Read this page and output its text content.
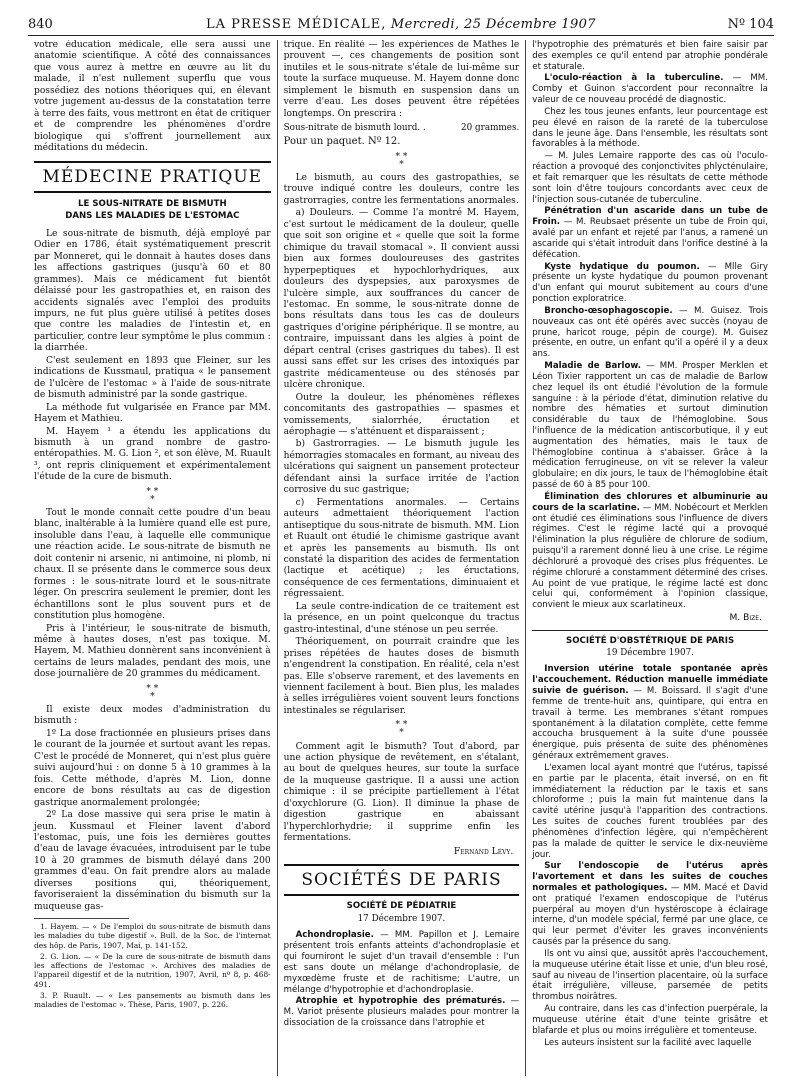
840	LA PRESSE MÉDICALE, Mercredi, 25 Décembre 1907	Nº 104

votre éducation médicale, elle sera aussi une anatomie scientifique. A côté des connaissances que vous aurez à mettre en œuvre au lit du malade, il n'est nullement superflu que vous possédiez des notions théoriques qui, en élevant votre jugement au-dessus de la constatation terre à terre des faits, vous mettront en état de critiquer et de comprendre les phénomènes d'ordre biologique qui s'offrent journellement aux méditations du médecin.

MÉDECINE PRATIQUE
LE SOUS-NITRATE DE BISMUTH
DANS LES MALADIES DE L'ESTOMAC

Le sous-nitrate de bismuth, déjà employé par Odier en 1786, était systématiquement prescrit par Monneret, qui le donnait à hautes doses dans les affections gastriques (jusqu'à 60 et 80 grammes). Mais ce médicament fut bientôt délaissé pour les gastropathies et, en raison des accidents signalés avec l'emploi des produits impurs, ne fut plus guère utilisé à petites doses que contre les maladies de l'intestin et, en particulier, contre leur symptôme le plus commun : la diarrhée.

C'est seulement en 1893 que Fleiner, sur les indications de Kussmaul, pratiqua « le pansement de l'ulcère de l'estomac » à l'aide de sous-nitrate de bismuth administré par la sonde gastrique.

La méthode fut vulgarisée en France par MM. Hayem et Mathieu.

M. Hayem ¹ a étendu les applications du bismuth à un grand nombre de gastro-entéropathies. M. G. Lion ², et son élève, M. Ruault ³, ont repris cliniquement et expérimentalement l'étude de la cure de bismuth.

* *
*

Tout le monde connaît cette poudre d'un beau blanc, inaltérable à la lumière quand elle est pure, insoluble dans l'eau, à laquelle elle communique une réaction acide. Le sous-nitrate de bismuth ne doit contenir ni arsenic, ni antimoine, ni plomb, ni chaux. Il se présente dans le commerce sous deux formes : le sous-nitrate lourd et le sous-nitrate léger. On prescrira seulement le premier, dont les échantillons sont le plus souvent purs et de constitution plus homogène.

Pris à l'intérieur, le sous-nitrate de bismuth, même à hautes doses, n'est pas toxique. M. Hayem, M. Mathieu donnèrent sans inconvénient à certains de leurs malades, pendant des mois, une dose journalière de 20 grammes du médicament.

* *
*

Il existe deux modes d'administration du bismuth :

1º La dose fractionnée en plusieurs prises dans le courant de la journée et surtout avant les repas. C'est le procédé de Monneret, qui n'est plus guère suivi aujourd'hui : on donne 5 à 10 grammes à la fois. Cette méthode, d'après M. Lion, donne encore de bons résultats au cas de digestion gastrique anormalement prolongée;

2º La dose massive qui sera prise le matin à jeun. Kussmaul et Fleiner lavent d'abord l'estomac, puis, une fois les dernières gouttes d'eau de lavage évacuées, introduisent par le tube 10 à 20 grammes de bismuth délayé dans 200 grammes d'eau. On fait prendre alors au malade diverses positions qui, théoriquement, favoriseraient la dissémination du bismuth sur la muqueuse gas-

1. Hayem. — « De l'emploi du sous-nitrate de bismuth dans les maladies du tube digestif ». Bull. de la Soc. de l'internat des hôp. de Paris, 1907, Mai, p. 141-152.

2. G. Lion. — « De la cure de sous-nitrate de bismuth dans les affections de l'estomac ». Archives des maladies de l'appareil digestif et de la nutrition, 1907, Avril, nº 8, p. 468-491.

3. P. Ruault. — « Les pansements au bismuth dans les maladies de l'estomac ». Thèse, Paris, 1907, p. 226.

trique. En réalité — les expériences de Mathes le prouvent —, ces changements de position sont inutiles et le sous-nitrate s'étale de lui-même sur toute la surface muqueuse. M. Hayem donne donc simplement le bismuth en suspension dans un verre d'eau. Les doses peuvent être répétées longtemps. On prescrira :

Sous-nitrate de bismuth lourd. .	20 grammes.
Pour un paquet. Nº 12.
* *
*

Le bismuth, au cours des gastropathies, se trouve indiqué contre les douleurs, contre les gastrorragies, contre les fermentations anormales.

a) Douleurs. — Comme l'a montré M. Hayem, c'est surtout le médicament de la douleur, quelle que soit son origine et « quelle que soit la forme chimique du travail stomacal ». Il convient aussi bien aux formes douloureuses des gastrites hyperpeptiques et hypochlorhydriques, aux douleurs des dyspepsies, aux paroxysmes de l'ulcère simple, aux souffrances du cancer de l'estomac. En somme, le sous-nitrate donne de bons résultats dans tous les cas de douleurs gastriques d'origine périphérique. Il se montre, au contraire, impuissant dans les algies à point de départ central (crises gastriques du tabes). Il est aussi sans effet sur les crises des intoxiqués par gastrite médicamenteuse ou des sténosés par ulcère chronique.

Outre la douleur, les phénomènes réflexes concomitants des gastropathies — spasmes et vomissements, sialorrhée, éructation et aérophagie — s'atténuent et disparaissent ;

b) Gastrorragies. — Le bismuth jugule les hémorragies stomacales en formant, au niveau des ulcérations qui saignent un pansement protecteur défendant ainsi la surface irritée de l'action corrosive du suc gastrique;

c) Fermentations anormales. — Certains auteurs admettaient théoriquement l'action antiseptique du sous-nitrate de bismuth. MM. Lion et Ruault ont étudié le chimisme gastrique avant et après les pansements au bismuth. Ils ont constaté la disparition des acides de fermentation (lactique et acétique) ; les éructations, conséquence de ces fermentations, diminuaient et régressaient.

La seule contre-indication de ce traitement est la présence, en un point quelconque du tractus gastro-intestinal, d'une sténose un peu serrée.

Théoriquement, on pourrait craindre que les prises répétées de hautes doses de bismuth n'engendrent la constipation. En réalité, cela n'est pas. Elle s'observe rarement, et des lavements en viennent facilement à bout. Bien plus, les malades à selles irrégulières voient souvent leurs fonctions intestinales se régulariser.

* *
*

Comment agit le bismuth? Tout d'abord, par une action physique de revêtement, en s'étalant, au bout de quelques heures, sur toute la surface de la muqueuse gastrique. Il a aussi une action chimique : il se précipite partiellement à l'état d'oxychlorure (G. Lion). Il diminue la phase de digestion gastrique en abaissant l'hyperchlorhydrie; il supprime enfin les fermentations.

Fernand Lévy.
SOCIÉTÉS DE PARIS
SOCIÉTÉ DE PÉDIATRIE
17 Décembre 1907.

Achondroplasie. — MM. Papillon et J. Lemaire présentent trois enfants atteints d'achondroplasie et qui fourniront le sujet d'un travail d'ensemble : l'un est sans doute un mélange d'achondroplasie, de myxœdème fruste et de rachitisme; L'autre, un mélange d'hypotrophie et d'achondroplasie.

Atrophie et hypotrophie des prématurés. — M. Variot présente plusieurs malades pour montrer la dissociation de la croissance dans l'atrophie et

l'hypotrophie des prématurés et bien faire saisir par des exemples ce qu'il entend par atrophie pondérale et staturale.

L'oculo-réaction à la tuberculine. — MM. Comby et Guinon s'accordent pour reconnaître la valeur de ce nouveau procédé de diagnostic.

Chez les tous jeunes enfants, leur pourcentage est peu élevé en raison de la rareté de la tuberculose dans le jeune âge. Dans l'ensemble, les résultats sont favorables à la méthode.

— M. Jules Lemaire rapporte des cas où l'oculo-réaction a provoqué des conjonctivites phlycténulaire, et fait remarquer que les résultats de cette méthode sont loin d'être toujours concordants avec ceux de l'injection sous-cutanée de tuberculine.

Pénétration d'un ascaride dans un tube de Froin. — M. Reubsaet présente un tube de Froin qui, avalé par un enfant et rejeté par l'anus, a ramené un ascaride qui s'était introduit dans l'orifice destiné à la défécation.

Kyste hydatique du poumon. — Mlle Giry présente un kyste hydatique du poumon provenant d'un enfant qui mourut subitement au cours d'une ponction exploratrice.

Broncho-œsophagoscopie. — M. Guisez. Trois nouveaux cas ont été opérés avec succès (noyau de prune, haricot rouge, pépin de courge). M. Guisez présente, en outre, un enfant qu'il a opéré il y a deux ans.

Maladie de Barlow. — MM. Prosper Merklen et Léon Tixier rapportent un cas de maladie de Barlow chez lequel ils ont étudié l'évolution de la formule sanguine : à la période d'état, diminution relative du nombre des hématies et surtout diminution considérable du taux de l'hémoglobine. Sous l'influence de la médication antiscorbutique, il y eut augmentation des hématies, mais le taux de l'hémoglobine continua à s'abaisser. Grâce à la médication ferrugineuse, on vit se relever la valeur globulaire; en dix jours, le taux de l'hémoglobine était passé de 60 à 85 pour 100.

Élimination des chlorures et albuminurie au cours de la scarlatine. — MM. Nobécourt et Merklen ont étudié ces éliminations sous l'influence de divers régimes. C'est le régime lacté qui a provoqué l'élimination la plus régulière de chlorure de sodium, puisqu'il a rarement donné lieu à une crise. Le régime déchloruré a provoqué des crises plus fréquentes. Le régime chloruré a constamment déterminé des crises. Au point de vue pratique, le régime lacté est donc celui qui, conformément à l'opinion classique, convient le mieux aux scarlatineux.

M. Bize.
SOCIÉTÉ D'OBSTÉTRIQUE DE PARIS
19 Décembre 1907.

Inversion utérine totale spontanée après l'accouchement. Réduction manuelle immédiate suivie de guérison. — M. Boissard. Il s'agit d'une femme de trente-huit ans, quintipare, qui entra en travail à terme. Les membranes s'étant rompues spontanément à la dilatation complète, cette femme accoucha brusquement à la suite d'une poussée énergique, puis présenta de suite des phénomènes généraux extrêmement graves.

L'examen local ayant montré que l'utérus, tapissé en partie par le placenta, était inversé, on en fit immédiatement la réduction par le taxis et sans chloroforme ; puis la main fut maintenue dans la cavité utérine jusqu'à l'apparition des contractions. Les suites de couches furent troublées par des phénomènes d'infection légère, qui n'empêchèrent pas la malade de quitter le service le dix-neuvième jour.

Sur l'endoscopie de l'utérus après l'avortement et dans les suites de couches normales et pathologiques. — MM. Macé et David ont pratiqué l'examen endoscopique de l'utérus puerpéral au moyen d'un hystéroscope à éclairage interne, d'un modèle spécial, fermé par une glace, ce qui leur permet d'éviter les graves inconvénients causés par la présence du sang.

Ils ont vu ainsi que, aussitôt après l'accouchement, la muqueuse utérine était lisse et unie, d'un bleu rosé, sauf au niveau de l'insertion placentaire, où la surface était irrégulière, villeuse, parsemée de petits thrombus noirâtres.

Au contraire, dans les cas d'infection puerpérale, la muqueuse utérine était d'une teinte grisâtre et blafarde et plus ou moins irrégulière et tomenteuse.

Les auteurs insistent sur la facilité avec laquelle
